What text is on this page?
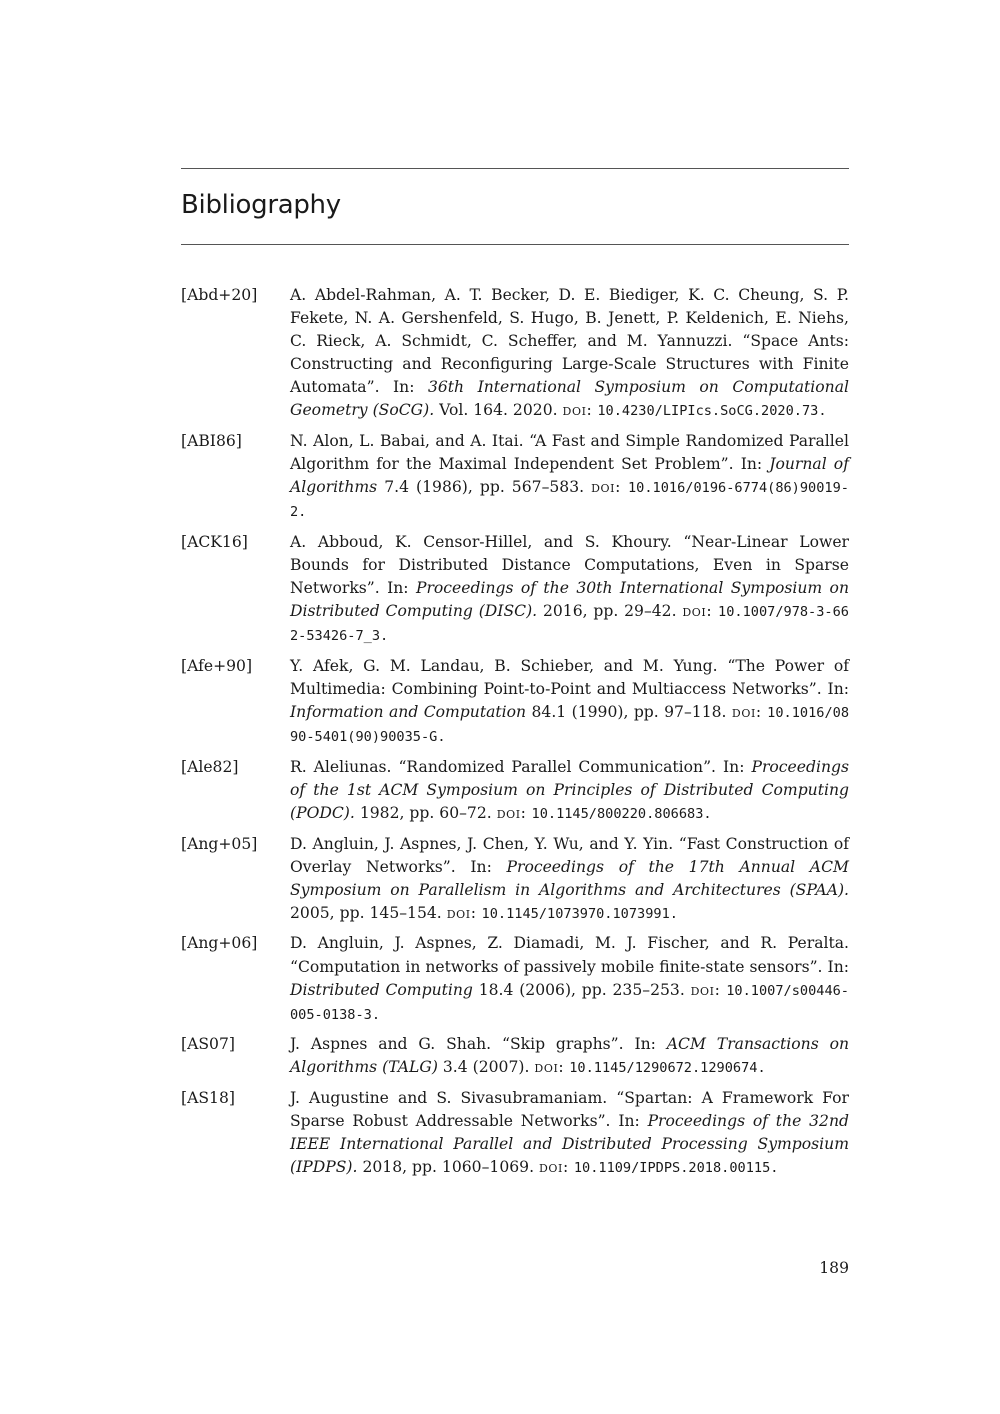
Bibliography
[Abd+20]	A. Abdel-Rahman, A. T. Becker, D. E. Biediger, K. C. Cheung, S. P. Fekete, N. A. Gershenfeld, S. Hugo, B. Jenett, P. Keldenich, E. Niehs, C. Rieck, A. Schmidt, C. Scheffer, and M. Yannuzzi. “Space Ants: Constructing and Reconfiguring Large-Scale Structures with Finite Automata”. In: 36th International Symposium on Computational Geometry (SoCG). Vol. 164. 2020. doi: 10.4230/LIPIcs.SoCG.2020.73.
[ABI86]	N. Alon, L. Babai, and A. Itai. “A Fast and Simple Randomized Parallel Algorithm for the Maximal Independent Set Problem”. In: Journal of Algorithms 7.4 (1986), pp. 567–583. doi: 10.1016/0196-6774(86)90019-2.
[ACK16]	A. Abboud, K. Censor-Hillel, and S. Khoury. “Near-Linear Lower Bounds for Distributed Distance Computations, Even in Sparse Networks”. In: Proceedings of the 30th International Symposium on Distributed Computing (DISC). 2016, pp. 29–42. doi: 10.1007/978-3-662-53426-7_3.
[Afe+90]	Y. Afek, G. M. Landau, B. Schieber, and M. Yung. “The Power of Multimedia: Combining Point-to-Point and Multiaccess Networks”. In: Information and Computation 84.1 (1990), pp. 97–118. doi: 10.1016/0890-5401(90)90035-G.
[Ale82]	R. Aleliunas. “Randomized Parallel Communication”. In: Proceedings of the 1st ACM Symposium on Principles of Distributed Computing (PODC). 1982, pp. 60–72. doi: 10.1145/800220.806683.
[Ang+05]	D. Angluin, J. Aspnes, J. Chen, Y. Wu, and Y. Yin. “Fast Construction of Overlay Networks”. In: Proceedings of the 17th Annual ACM Symposium on Parallelism in Algorithms and Architectures (SPAA). 2005, pp. 145–154. doi: 10.1145/1073970.1073991.
[Ang+06]	D. Angluin, J. Aspnes, Z. Diamadi, M. J. Fischer, and R. Peralta. “Computation in networks of passively mobile finite-state sensors”. In: Distributed Computing 18.4 (2006), pp. 235–253. doi: 10.1007/s00446-005-0138-3.
[AS07]	J. Aspnes and G. Shah. “Skip graphs”. In: ACM Transactions on Algorithms (TALG) 3.4 (2007). doi: 10.1145/1290672.1290674.
[AS18]	J. Augustine and S. Sivasubramaniam. “Spartan: A Framework For Sparse Robust Addressable Networks”. In: Proceedings of the 32nd IEEE International Parallel and Distributed Processing Symposium (IPDPS). 2018, pp. 1060–1069. doi: 10.1109/IPDPS.2018.00115.
189
